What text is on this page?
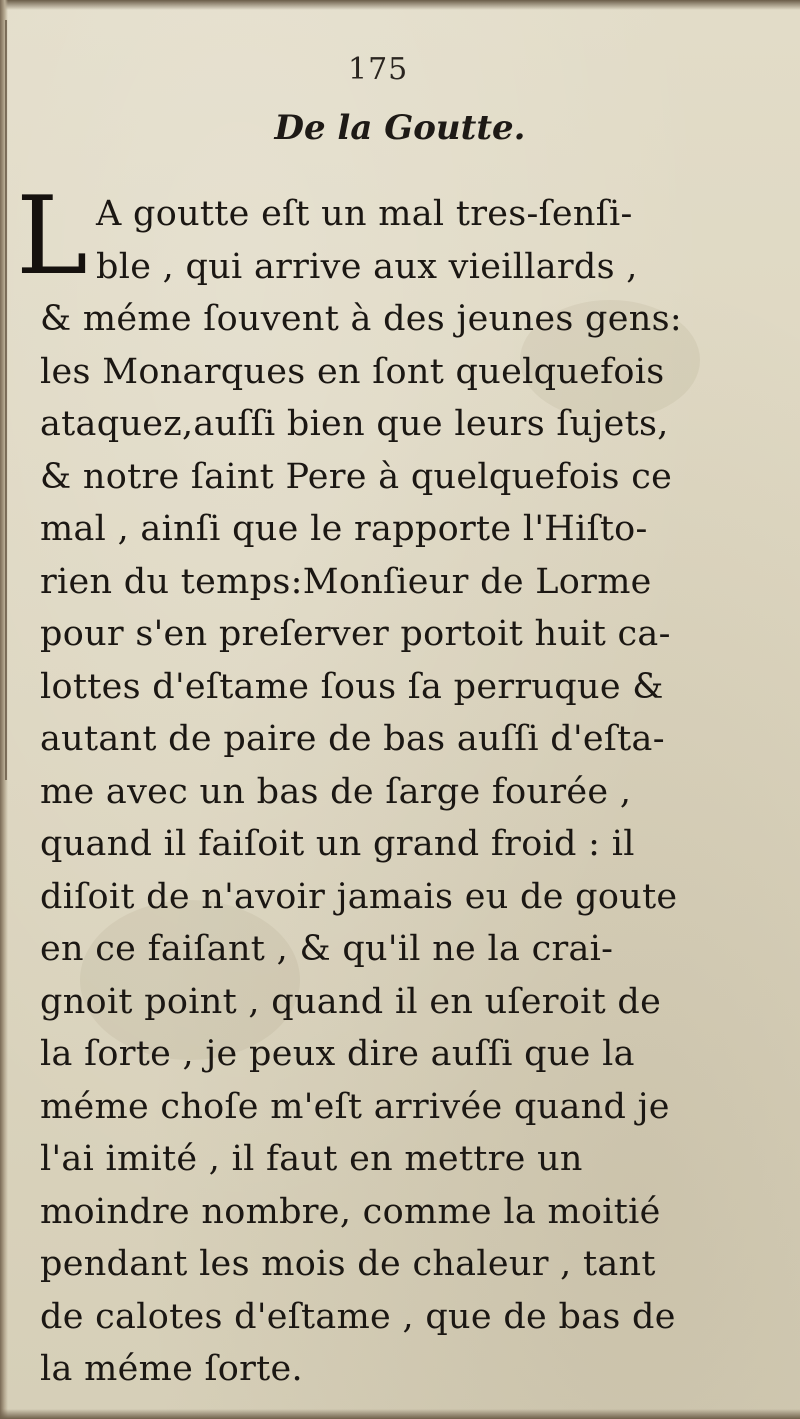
175
De la Goutte.
L A goutte eſt un mal tres-ſenſi-
ble , qui arrive aux vieillards ,
& méme ſouvent à des jeunes gens:
les Monarques en ſont quelquefois
ataquez,auſſi bien que leurs ſujets,
& notre ſaint Pere à quelquefois ce
mal , ainſi que le rapporte l'Hiſto-
rien du temps:Monſieur de Lorme
pour s'en preſerver portoit huit ca-
lottes d'eſtame ſous ſa perruque &
autant de paire de bas auſſi d'eſta-
me avec un bas de ſarge fourée ,
quand il faiſoit un grand froid : il
diſoit de n'avoir jamais eu de goute
en ce faiſant , & qu'il ne la crai-
gnoit point , quand il en uſeroit de
la ſorte , je peux dire auſſi que la
méme choſe m'eſt arrivée quand je
l'ai imité , il faut en mettre un
moindre nombre, comme la moitié
pendant les mois de chaleur , tant
de calotes d'eſtame , que de bas de
la méme ſorte.
